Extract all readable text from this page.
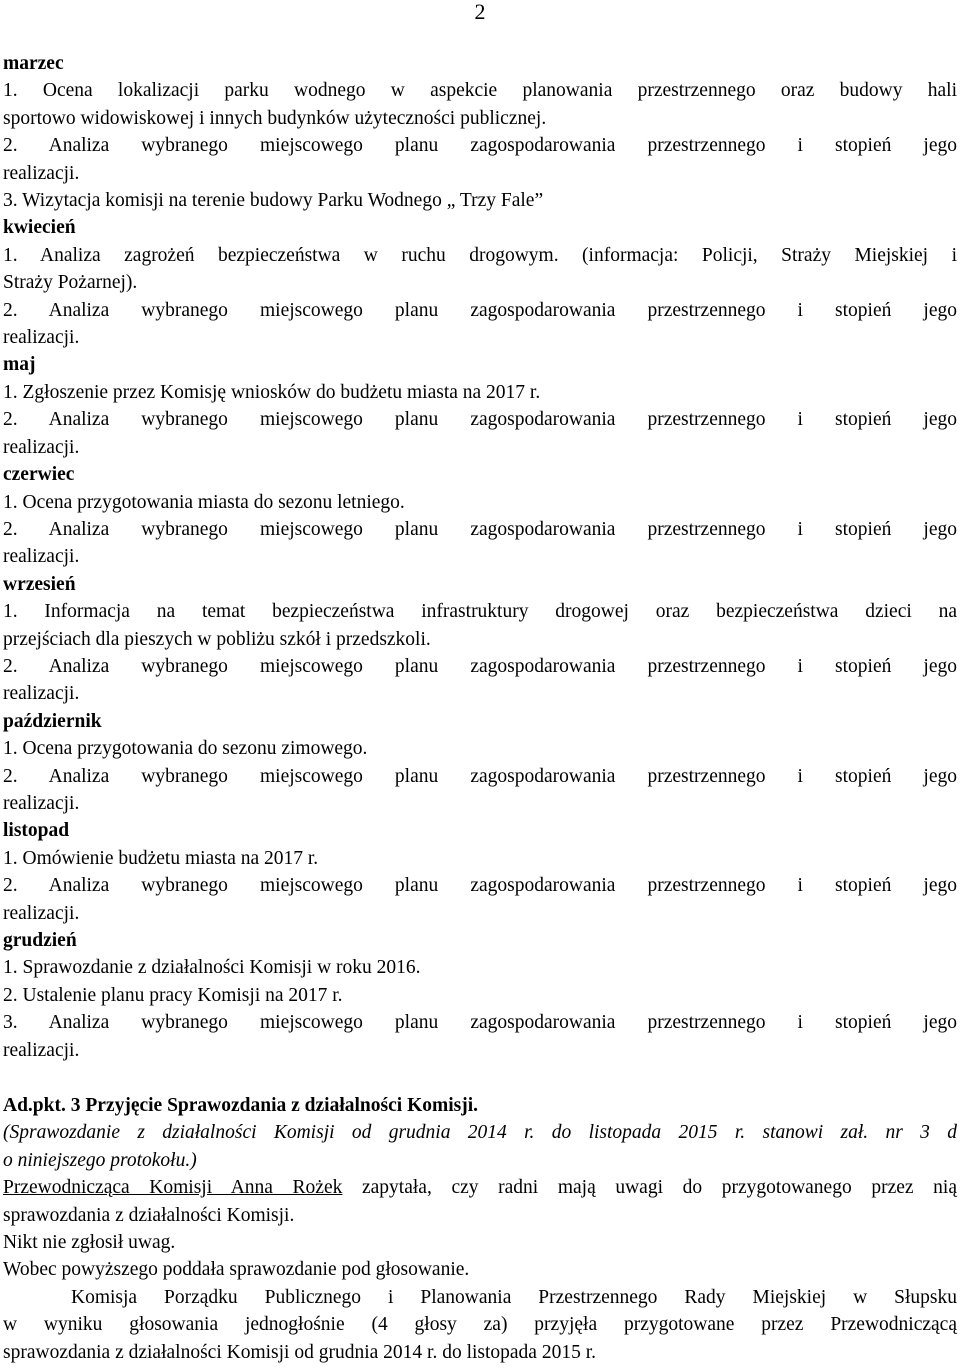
2
marzec
1. Ocena lokalizacji parku wodnego w aspekcie planowania przestrzennego oraz budowy hali
sportowo widowiskowej i innych budynków użyteczności publicznej.
2. Analiza wybranego miejscowego planu zagospodarowania przestrzennego i stopień jego
realizacji.
3. Wizytacja komisji na terenie budowy Parku Wodnego „ Trzy Fale”
kwiecień
1. Analiza zagrożeń bezpieczeństwa w ruchu drogowym. (informacja: Policji, Straży Miejskiej i
Straży Pożarnej).
2. Analiza wybranego miejscowego planu zagospodarowania przestrzennego i stopień jego
realizacji.
maj
1. Zgłoszenie przez Komisję wniosków do budżetu miasta na 2017 r.
2. Analiza wybranego miejscowego planu zagospodarowania przestrzennego i stopień jego
realizacji.
czerwiec
1. Ocena przygotowania miasta do sezonu letniego.
2. Analiza wybranego miejscowego planu zagospodarowania przestrzennego i stopień jego
realizacji.
wrzesień
1. Informacja na temat bezpieczeństwa infrastruktury drogowej oraz bezpieczeństwa dzieci na
przejściach dla pieszych w pobliżu szkół i przedszkoli.
2. Analiza wybranego miejscowego planu zagospodarowania przestrzennego i stopień jego
realizacji.
październik
1. Ocena przygotowania do sezonu zimowego.
2. Analiza wybranego miejscowego planu zagospodarowania przestrzennego i stopień jego
realizacji.
listopad
1. Omówienie budżetu miasta na 2017 r.
2. Analiza wybranego miejscowego planu zagospodarowania przestrzennego i stopień jego
realizacji.
grudzień
1. Sprawozdanie z działalności Komisji w roku 2016.
2. Ustalenie planu pracy Komisji na 2017 r.
3. Analiza wybranego miejscowego planu zagospodarowania przestrzennego i stopień jego
realizacji.
Ad.pkt. 3 Przyjęcie Sprawozdania z działalności Komisji.
(Sprawozdanie z działalności Komisji od grudnia 2014 r. do listopada 2015 r. stanowi zał. nr 3 d
o niniejszego protokołu.)
Przewodnicząca Komisji Anna Rożek zapytała, czy radni mają uwagi do przygotowanego przez nią
sprawozdania z działalności Komisji.
Nikt nie zgłosił uwag.
Wobec powyższego poddała sprawozdanie pod głosowanie.
Komisja Porządku Publicznego i Planowania Przestrzennego Rady Miejskiej w Słupsku
w wyniku głosowania jednogłośnie (4 głosy za) przyjęła przygotowane przez Przewodniczącą
sprawozdania z działalności Komisji od grudnia 2014 r. do listopada 2015 r.
